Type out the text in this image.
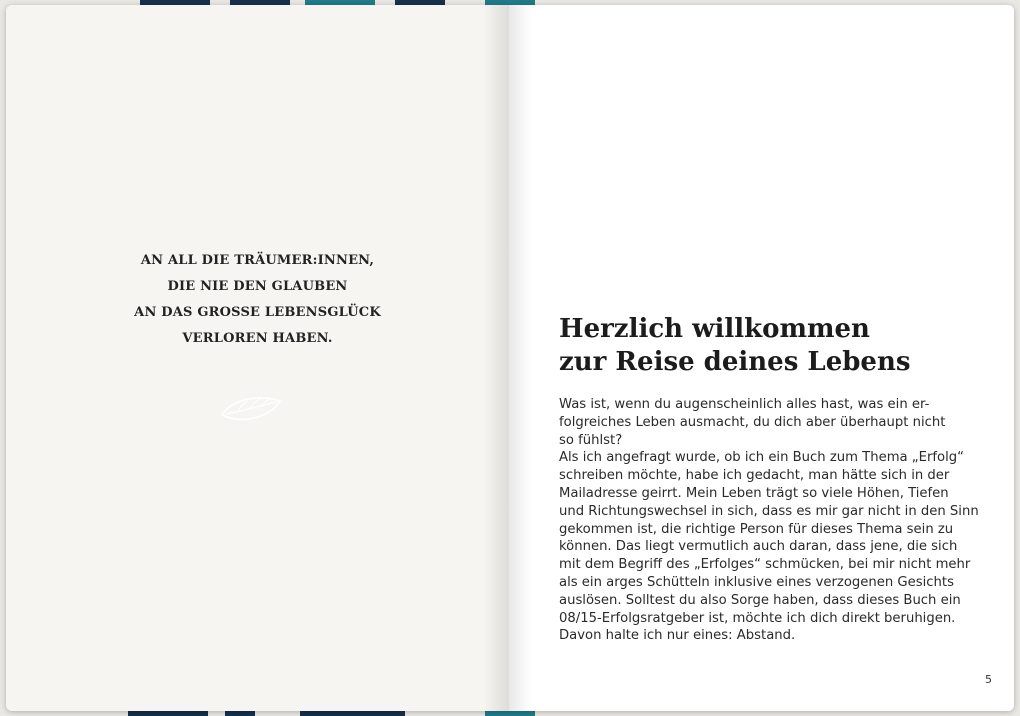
AN ALL DIE TRÄUMER:INNEN,
DIE NIE DEN GLAUBEN
AN DAS GROSSE LEBENSGLÜCK
VERLOREN HABEN.	Herzlich willkommen
zur Reise deines Lebens
Was ist, wenn du augenscheinlich alles hast, was ein er-
folgreiches Leben ausmacht, du dich aber überhaupt nicht
so fühlst?
Als ich angefragt wurde, ob ich ein Buch zum Thema „Erfolg“
schreiben möchte, habe ich gedacht, man hätte sich in der
Mailadresse geirrt. Mein Leben trägt so viele Höhen, Tiefen
und Richtungswechsel in sich, dass es mir gar nicht in den Sinn
gekommen ist, die richtige Person für dieses Thema sein zu
können. Das liegt vermutlich auch daran, dass jene, die sich
mit dem Begriff des „Erfolges“ schmücken, bei mir nicht mehr
als ein arges Schütteln inklusive eines verzogenen Gesichts
auslösen. Solltest du also Sorge haben, dass dieses Buch ein
08/15-Erfolgsratgeber ist, möchte ich dich direkt beruhigen.
Davon halte ich nur eines: Abstand.
5
